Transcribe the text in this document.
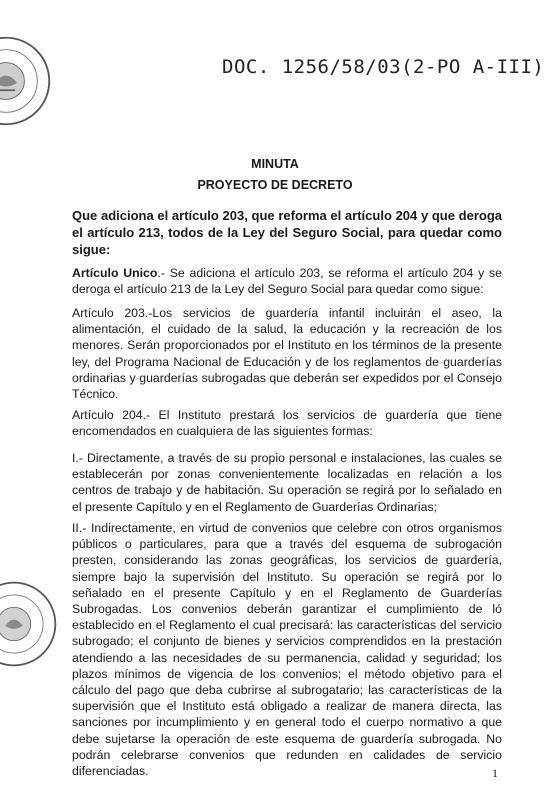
DOC. 1256/58/03(2-PO A-III)
MINUTA
PROYECTO DE DECRETO

Que adiciona el artículo 203, que reforma el artículo 204 y que deroga el artículo 213, todos de la Ley del Seguro Social, para quedar como sigue:

Artículo Unico.- Se adiciona el artículo 203, se reforma el artículo 204 y se deroga el artículo 213 de la Ley del Seguro Social para quedar como sigue:

Artículo 203.-Los servicios de guardería infantil incluirán el aseo, la alimentación, el cuidado de la salud, la educación y la recreación de los menores. Serán proporcionados por el Instituto en los términos de la presente ley, del Programa Nacional de Educación y de los reglamentos de guarderías ordinarias y guarderías subrogadas que deberán ser expedidos por el Consejo Técnico.

Artículo 204.- El Instituto prestará los servicios de guardería que tiene encomendados en cualquiera de las siguientes formas:

I.- Directamente, a través de su propio personal e instalaciones, las cuales se establecerán por zonas convenientemente localizadas en relación a los centros de trabajo y de habitación. Su operación se regirá por lo señalado en el presente Capítulo y en el Reglamento de Guarderías Ordinarias;

II.- Indirectamente, en virtud de convenios que celebre con otros organismos públicos o particulares, para que a través del esquema de subrogación presten, considerando las zonas geográficas, los servicios de guardería, siempre bajo la supervisión del Instituto. Su operación se regirá por lo señalado en el presente Capítulo y en el Reglamento de Guarderías Subrogadas. Los convenios deberán garantizar el cumplimiento de ló establecido en el Reglamento el cual precisará: las características del servicio subrogado; el conjunto de bienes y servicios comprendidos en la prestación atendiendo a las necesidades de su permanencia, calidad y seguridad; los plazos mínimos de vigencia de los convenios; el método objetivo para el cálculo del pago que deba cubrirse al subrogatario; las características de la supervisión que el Instituto está obligado a realizar de manera directa, las sanciones por incumplimiento y en general todo el cuerpo normativo a que debe sujetarse la operación de este esquema de guardería subrogada. No podrán celebrarse convenios que redunden en calidades de servicio diferenciadas.	1
